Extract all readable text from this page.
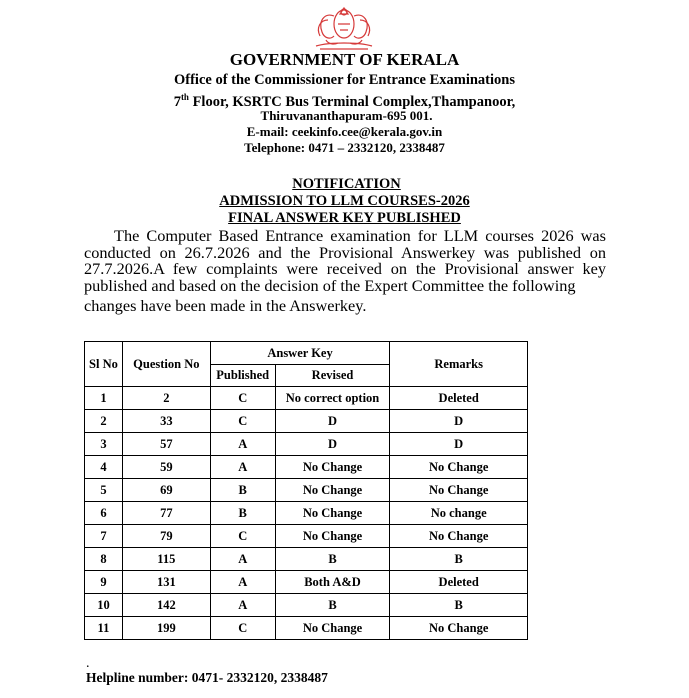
GOVERNMENT OF KERALA
Office of the Commissioner for Entrance Examinations
7th Floor, KSRTC Bus Terminal Complex,Thampanoor,
Thiruvananthapuram-695 001.
E-mail: ceekinfo.cee@kerala.gov.in
Telephone: 0471 – 2332120, 2338487
NOTIFICATION
ADMISSION TO LLM COURSES-2026
FINAL ANSWER KEY PUBLISHED
The Computer Based Entrance examination for LLM courses 2026 was conducted on 26.7.2026 and the Provisional Answerkey was published on 27.7.2026.A few complaints were received on the Provisional answer key published and based on the decision of the Expert Committee the following
changes have been made in the Answerkey.
Sl No	Question No	Answer Key		Remarks
		Published	Revised	
1	2	C	No correct option	Deleted
2	33	C	D	D
3	57	A	D	D
4	59	A	No Change	No Change
5	69	B	No Change	No Change
6	77	B	No Change	No change
7	79	C	No Change	No Change
8	115	A	B	B
9	131	A	Both A&D	Deleted
10	142	A	B	B
11	199	C	No Change	No Change
.
Helpline number: 0471- 2332120, 2338487
